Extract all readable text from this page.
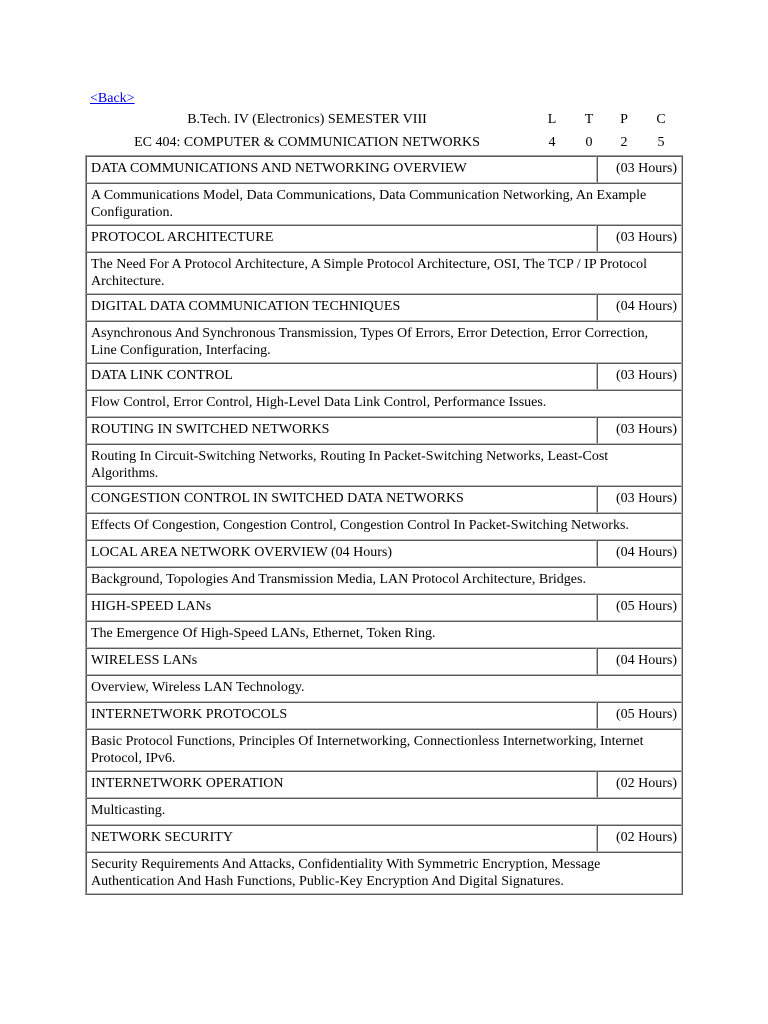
<Back>
B.Tech. IV (Electronics) SEMESTER VIII	L	T	P	C
EC 404: COMPUTER & COMMUNICATION NETWORKS	4	0	2	5
DATA COMMUNICATIONS AND NETWORKING OVERVIEW	(03 Hours)
A Communications Model, Data Communications, Data Communication Networking, An Example Configuration.	
PROTOCOL ARCHITECTURE	(03 Hours)
The Need For A Protocol Architecture, A Simple Protocol Architecture, OSI, The TCP / IP Protocol Architecture.	
DIGITAL DATA COMMUNICATION TECHNIQUES	(04 Hours)
Asynchronous And Synchronous Transmission, Types Of Errors, Error Detection, Error Correction, Line Configuration, Interfacing.	
DATA LINK CONTROL	(03 Hours)
Flow Control, Error Control, High-Level Data Link Control, Performance Issues.	
ROUTING IN SWITCHED NETWORKS	(03 Hours)
Routing In Circuit-Switching Networks, Routing In Packet-Switching Networks, Least-Cost Algorithms.	
CONGESTION CONTROL IN SWITCHED DATA NETWORKS	(03 Hours)
Effects Of Congestion, Congestion Control, Congestion Control In Packet-Switching Networks.	
LOCAL AREA NETWORK OVERVIEW (04 Hours)	(04 Hours)
Background, Topologies And Transmission Media, LAN Protocol Architecture, Bridges.	
HIGH-SPEED LANs	(05 Hours)
The Emergence Of High-Speed LANs, Ethernet, Token Ring.	
WIRELESS LANs	(04 Hours)
Overview, Wireless LAN Technology.	
INTERNETWORK PROTOCOLS	(05 Hours)
Basic Protocol Functions, Principles Of Internetworking, Connectionless Internetworking, Internet Protocol, IPv6.	
INTERNETWORK OPERATION	(02 Hours)
Multicasting.	
NETWORK SECURITY	(02 Hours)
Security Requirements And Attacks, Confidentiality With Symmetric Encryption, Message Authentication And Hash Functions, Public-Key Encryption And Digital Signatures.	
